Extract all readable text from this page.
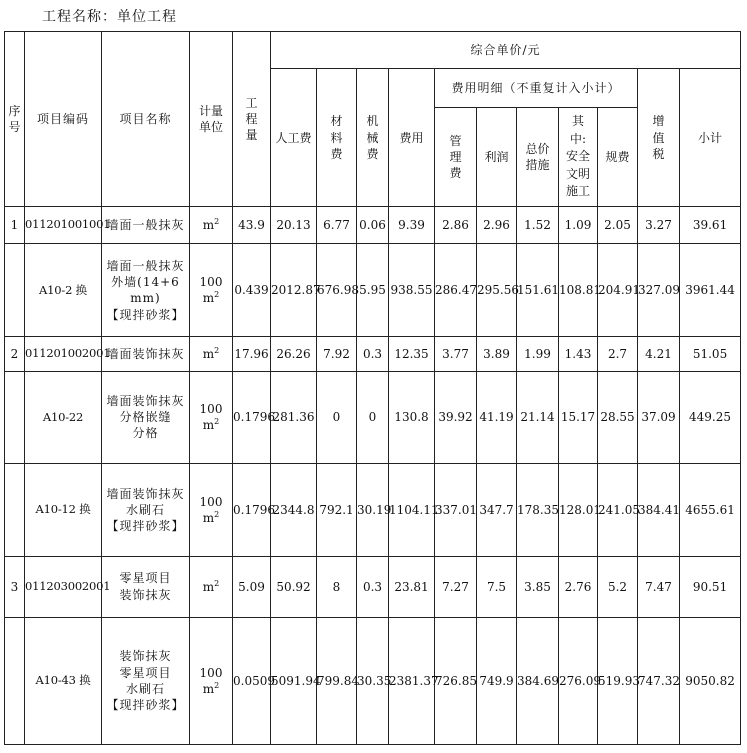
工程名称：单位工程
序号	项目编码	项目名称	计量单位	工程量	综合单价/元										
					人工费	材料费	机械费	费用	费用明细（不重复计入小计）					增值税	小计
									管理费	利润	总价措施	其中:安全文明施工	规费		
1	011201001001	墙面一般抹灰	$m^2$	43.9	20.13	6.77	0.06	9.39	2.86	2.96	1.52	1.09	2.05	3.27	39.61
	A10-2 换	墙面一般抹灰
外墙(14+6 mm)
【现拌砂浆】	100 $m^2$	0.439	2012.87	676.98	5.95	938.55	286.47	295.56	151.61	108.81	204.91	327.09	3961.44
2	011201002001	墙面装饰抹灰	$m^2$	17.96	26.26	7.92	0.3	12.35	3.77	3.89	1.99	1.43	2.7	4.21	51.05
	A10-22	墙面装饰抹灰
分格嵌缝
分格	100 $m^2$	0.1796	281.36	0	0	130.8	39.92	41.19	21.14	15.17	28.55	37.09	449.25
	A10-12 换	墙面装饰抹灰
水刷石
【现拌砂浆】	100 $m^2$	0.1796	2344.8	792.1	30.19	1104.11	337.01	347.7	178.35	128.01	241.05	384.41	4655.61
3	011203002001	零星项目
装饰抹灰	$m^2$	5.09	50.92	8	0.3	23.81	7.27	7.5	3.85	2.76	5.2	7.47	90.51
	A10-43 换	装饰抹灰
零星项目
水刷石
【现拌砂浆】	100 $m^2$	0.0509	5091.94	799.84	30.35	2381.37	726.85	749.9	384.69	276.09	519.93	747.32	9050.82
